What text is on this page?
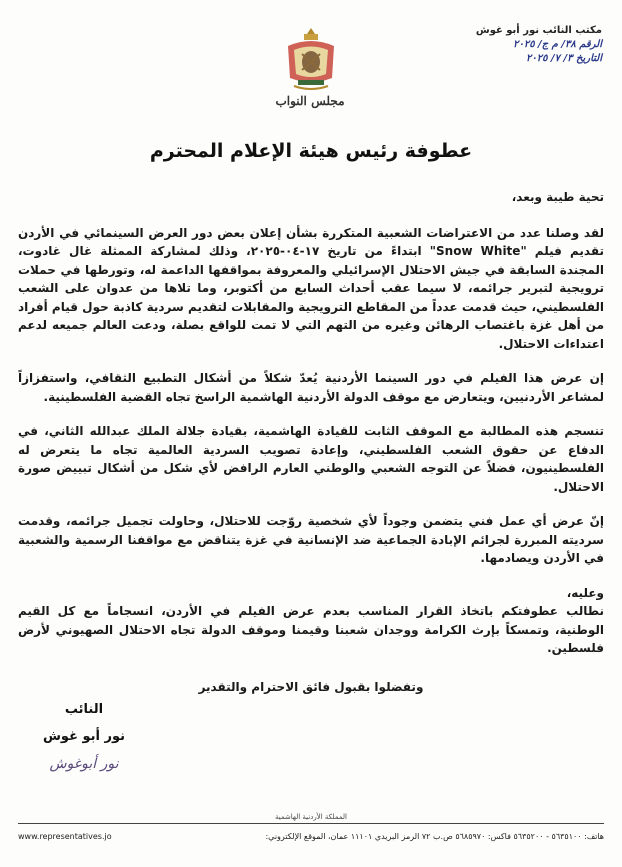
مكتب النائب نور أبو غوش
الرقم ٣٨/ م ج/ ٢٠٢٥
التاريخ ٣/ ٧/ ٢٠٢٥
مجلس النواب
عطوفة رئيس هيئة الإعلام المحترم

تحية طيبة وبعد،

لقد وصلنا عدد من الاعتراضات الشعبية المتكررة بشأن إعلان بعض دور العرض السينمائي في الأردن تقديم فيلم "Snow White" ابتداءً من تاريخ ١٧-٠٤-٢٠٢٥، وذلك لمشاركة الممثلة غال غادوت، المجندة السابقة في جيش الاحتلال الإسرائيلي والمعروفة بمواقفها الداعمة له، وتورطها في حملات ترويجية لتبرير جرائمه، لا سيما عقب أحداث السابع من أكتوبر، وما تلاها من عدوان على الشعب الفلسطيني، حيث قدمت عدداً من المقاطع الترويجية والمقابلات لتقديم سردية كاذبة حول قيام أفراد من أهل غزة باغتصاب الرهائن وغيره من التهم التي لا تمت للواقع بصلة، ودعت العالم جميعه لدعم اعتداءات الاحتلال.

إن عرض هذا الفيلم في دور السينما الأردنية يُعدّ شكلاً من أشكال التطبيع الثقافي، واستفزازاً لمشاعر الأردنيين، ويتعارض مع موقف الدولة الأردنية الهاشمية الراسخ تجاه القضية الفلسطينية.

تنسجم هذه المطالبة مع الموقف الثابت للقيادة الهاشمية، بقيادة جلالة الملك عبدالله الثاني، في الدفاع عن حقوق الشعب الفلسطيني، وإعادة تصويب السردية العالمية تجاه ما يتعرض له الفلسطينيون، فضلاً عن التوجه الشعبي والوطني العارم الرافض لأي شكل من أشكال تبييض صورة الاحتلال.

إنّ عرض أي عمل فني يتضمن وجوداً لأي شخصية روّجت للاحتلال، وحاولت تجميل جرائمه، وقدمت سرديته المبررة لجرائم الإبادة الجماعية ضد الإنسانية في غزة يتناقض مع مواقفنا الرسمية والشعبية في الأردن ويصادمها.

وعليه،

نطالب عطوفتكم باتخاذ القرار المناسب بعدم عرض الفيلم في الأردن، انسجاماً مع كل القيم الوطنية، وتمسكاً بإرث الكرامة ووجدان شعبنا وقيمنا وموقف الدولة تجاه الاحتلال الصهيوني لأرض فلسطين.

وتفضلوا بقبول فائق الاحترام والتقدير

النائب
نور أبو غوش
نور أبوغوش
المملكة الأردنية الهاشمية
هاتف: ٥٦٣٥١٠٠ - ٥٦٣٥٢٠٠ فاكس: ٥٦٨٥٩٧٠ ص.ب ٧٢ الرمز البريدي ١١١٠١ عمان، الموقع الإلكتروني:
www.representatives.jo
